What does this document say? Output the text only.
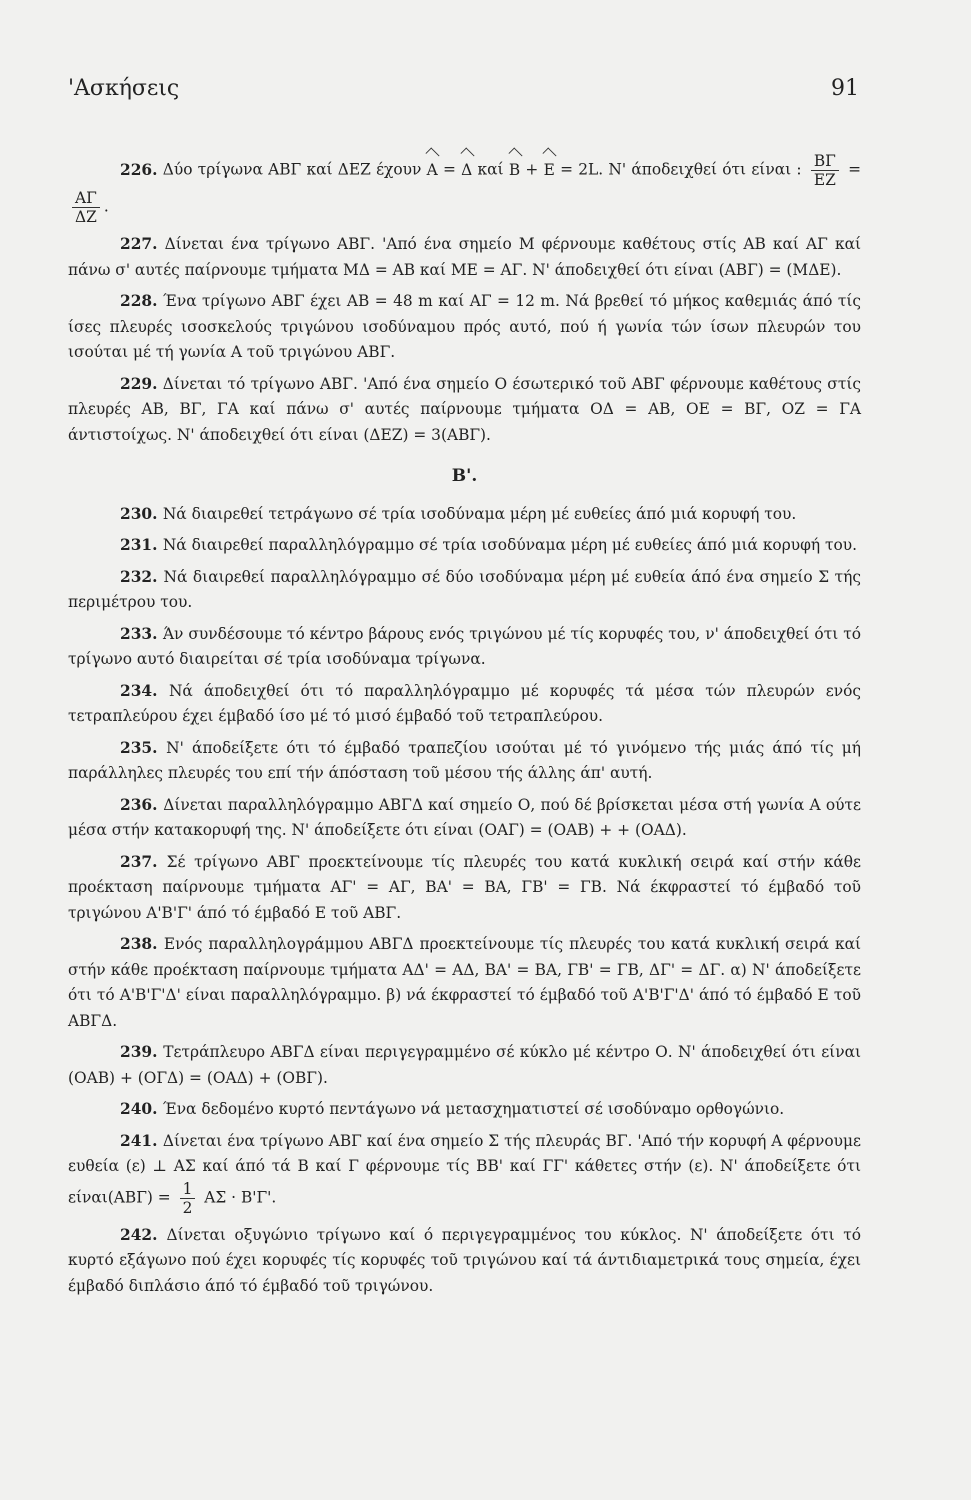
'Ασκήσεις	91

226. Δύο τρίγωνα ΑΒΓ καί ΔΕΖ έχουν A = Δ καί B + E = 2L. Ν' άποδειχθεί ότι είναι : $\frac{B\Gamma}{EZ}$ =
$\frac{A\Gamma}{\Delta Z}$ .

227. Δίνεται ένα τρίγωνο ΑΒΓ. 'Από ένα σημείο Μ φέρνουμε καθέτους στίς ΑΒ καί ΑΓ καί πάνω σ' αυτές παίρνουμε τμήματα ΜΔ = ΑΒ καί ΜΕ = ΑΓ. Ν' άποδειχθεί ότι είναι (ΑΒΓ) = (ΜΔΕ).

228. Ένα τρίγωνο ΑΒΓ έχει ΑΒ = 48 m καί ΑΓ = 12 m. Νά βρεθεί τό μήκος καθεμιάς άπό τίς ίσες πλευρές ισοσκελούς τριγώνου ισοδύναμου πρός αυτό, πού ή γωνία τών ίσων πλευρών του ισούται μέ τή γωνία Α τοῦ τριγώνου ΑΒΓ.

229. Δίνεται τό τρίγωνο ΑΒΓ. 'Από ένα σημείο Ο έσωτερικό τοῦ ΑΒΓ φέρνουμε καθέτους στίς πλευρές ΑΒ, ΒΓ, ΓΑ καί πάνω σ' αυτές παίρνουμε τμήματα ΟΔ = ΑΒ, ΟΕ = ΒΓ, ΟΖ = ΓΑ άντιστοίχως. Ν' άποδειχθεί ότι είναι (ΔΕΖ) = 3(ΑΒΓ).

Β'.

230. Νά διαιρεθεί τετράγωνο σέ τρία ισοδύναμα μέρη μέ ευθείες άπό μιά κορυφή του.

231. Νά διαιρεθεί παραλληλόγραμμο σέ τρία ισοδύναμα μέρη μέ ευθείες άπό μιά κορυφή του.

232. Νά διαιρεθεί παραλληλόγραμμο σέ δύο ισοδύναμα μέρη μέ ευθεία άπό ένα σημείο Σ τής περιμέτρου του.

233. Άν συνδέσουμε τό κέντρο βάρους ενός τριγώνου μέ τίς κορυφές του, ν' άποδειχθεί ότι τό τρίγωνο αυτό διαιρείται σέ τρία ισοδύναμα τρίγωνα.

234. Νά άποδειχθεί ότι τό παραλληλόγραμμο μέ κορυφές τά μέσα τών πλευρών ενός τετραπλεύρου έχει έμβαδό ίσο μέ τό μισό έμβαδό τοῦ τετραπλεύρου.

235. Ν' άποδείξετε ότι τό έμβαδό τραπεζίου ισούται μέ τό γινόμενο τής μιάς άπό τίς μή παράλληλες πλευρές του επί τήν άπόσταση τοῦ μέσου τής άλλης άπ' αυτή.

236. Δίνεται παραλληλόγραμμο ΑΒΓΔ καί σημείο Ο, πού δέ βρίσκεται μέσα στή γωνία Α ούτε μέσα στήν κατακορυφή της. Ν' άποδείξετε ότι είναι (ΟΑΓ) = (ΟΑΒ) + + (ΟΑΔ).

237. Σέ τρίγωνο ΑΒΓ προεκτείνουμε τίς πλευρές του κατά κυκλική σειρά καί στήν κάθε προέκταση παίρνουμε τμήματα ΑΓ' = ΑΓ, ΒΑ' = ΒΑ, ΓΒ' = ΓΒ. Νά έκφραστεί τό έμβαδό τοῦ τριγώνου Α'Β'Γ' άπό τό έμβαδό Ε τοῦ ΑΒΓ.

238. Ενός παραλληλογράμμου ΑΒΓΔ προεκτείνουμε τίς πλευρές του κατά κυκλική σειρά καί στήν κάθε προέκταση παίρνουμε τμήματα ΑΔ' = ΑΔ, ΒΑ' = ΒΑ, ΓΒ' = ΓΒ, ΔΓ' = ΔΓ. α) Ν' άποδείξετε ότι τό Α'Β'Γ'Δ' είναι παραλληλόγραμμο. β) νά έκφραστεί τό έμβαδό τοῦ Α'Β'Γ'Δ' άπό τό έμβαδό Ε τοῦ ΑΒΓΔ.

239. Τετράπλευρο ΑΒΓΔ είναι περιγεγραμμένο σέ κύκλο μέ κέντρο Ο. Ν' άποδειχθεί ότι είναι (ΟΑΒ) + (ΟΓΔ) = (ΟΑΔ) + (ΟΒΓ).

240. Ένα δεδομένο κυρτό πεντάγωνο νά μετασχηματιστεί σέ ισοδύναμο ορθογώνιο.

241. Δίνεται ένα τρίγωνο ΑΒΓ καί ένα σημείο Σ τής πλευράς ΒΓ. 'Από τήν κορυφή Α φέρνουμε ευθεία (ε) ⊥ ΑΣ καί άπό τά Β καί Γ φέρνουμε τίς ΒΒ' καί ΓΓ' κάθετες στήν (ε). Ν' άποδείξετε ότι $\varepsilon ί\nu\alpha\iota(AB\Gamma) = \frac{1}{2}$ ΑΣ · Β'Γ'.

242. Δίνεται οξυγώνιο τρίγωνο καί ό περιγεγραμμένος του κύκλος. Ν' άποδείξετε ότι τό κυρτό εξάγωνο πού έχει κορυφές τίς κορυφές τοῦ τριγώνου καί τά άντιδιαμετρικά τους σημεία, έχει έμβαδό διπλάσιο άπό τό έμβαδό τοῦ τριγώνου.
